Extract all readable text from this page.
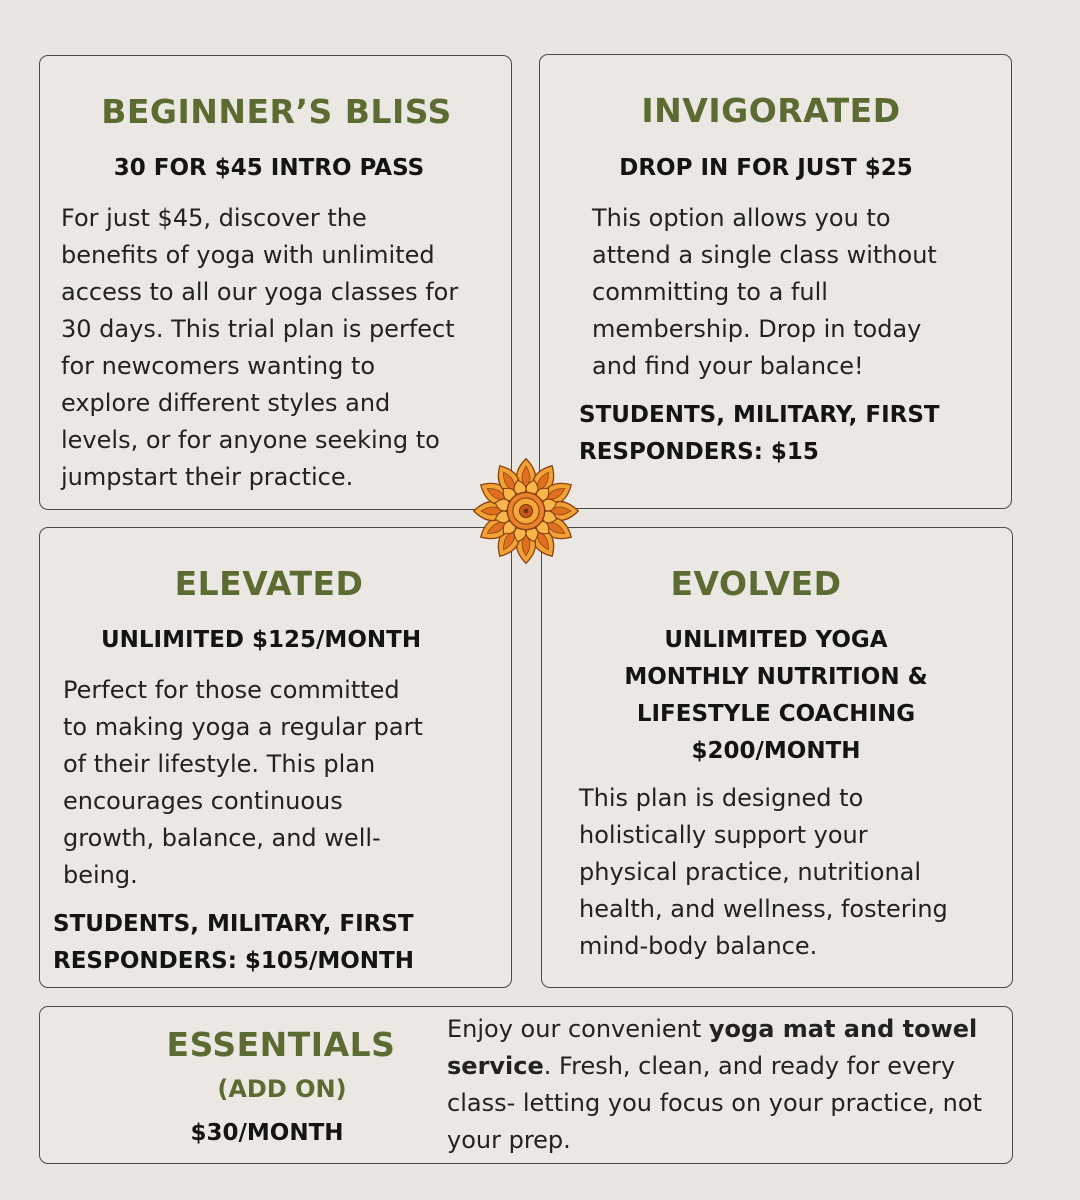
BEGINNER’S BLISS

30 FOR $45 INTRO PASS

For just $45, discover the
benefits of yoga with unlimited
access to all our yoga classes for
30 days. This trial plan is perfect
for newcomers wanting to
explore different styles and
levels, or for anyone seeking to
jumpstart their practice.

INVIGORATED

DROP IN FOR JUST $25

This option allows you to
attend a single class without
committing to a full
membership. Drop in today
and find your balance!

STUDENTS, MILITARY, FIRST
RESPONDERS: $15

ELEVATED

UNLIMITED $125/MONTH

Perfect for those committed
to making yoga a regular part
of their lifestyle. This plan
encourages continuous
growth, balance, and well-
being.

STUDENTS, MILITARY, FIRST
RESPONDERS: $105/MONTH

EVOLVED

UNLIMITED YOGA
MONTHLY NUTRITION &
LIFESTYLE COACHING
$200/MONTH

This plan is designed to
holistically support your
physical practice, nutritional
health, and wellness, fostering
mind-body balance.

ESSENTIALS

(ADD ON)

$30/MONTH

Enjoy our convenient yoga mat and towel service. Fresh, clean, and ready for every class- letting you focus on your practice, not your prep.
